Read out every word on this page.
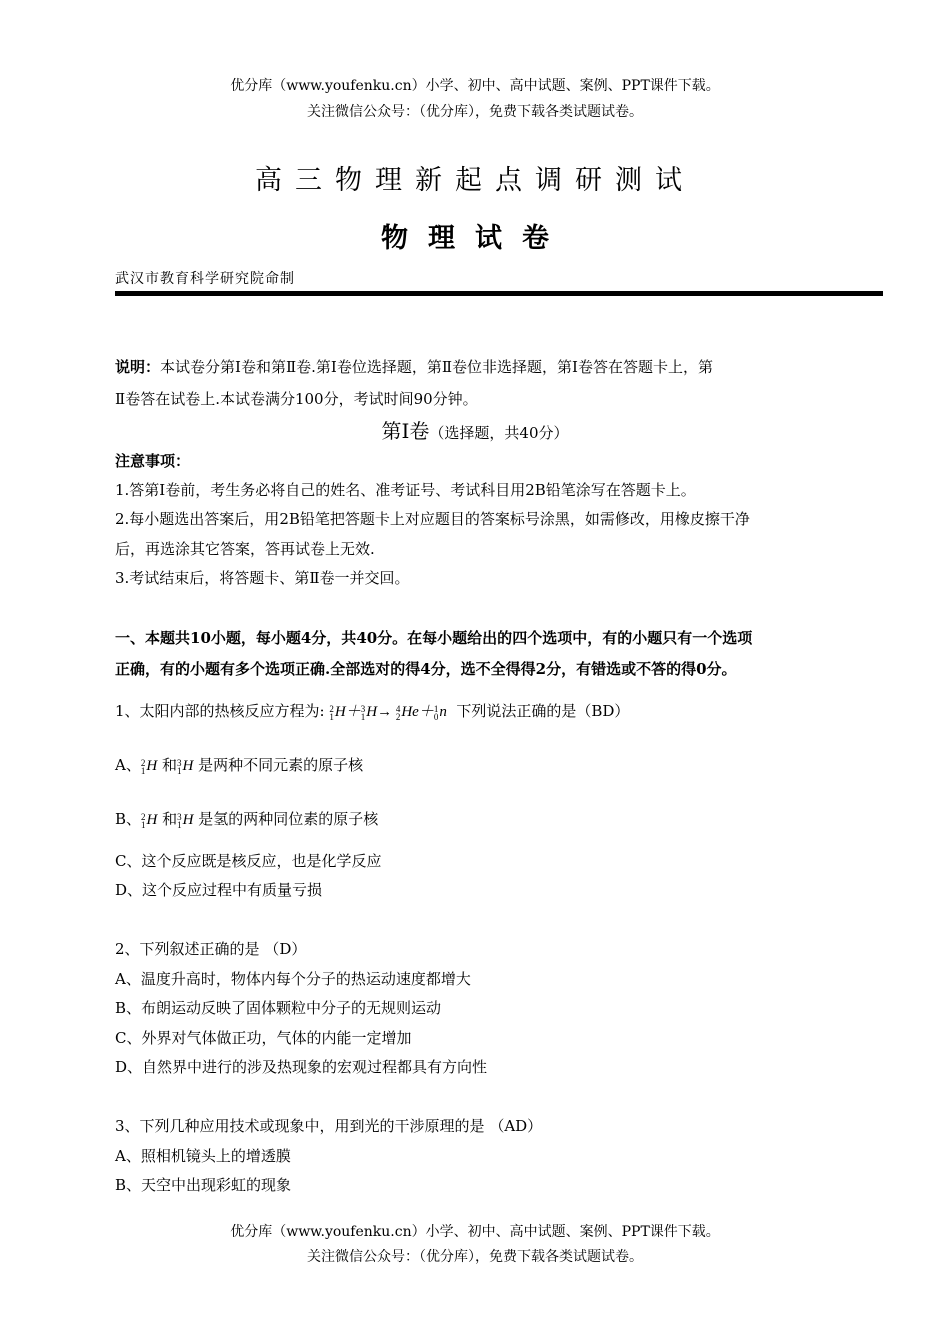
优分库（www.youfenku.cn）小学、初中、高中试题、案例、PPT课件下载。
关注微信公众号：（优分库），免费下载各类试题试卷。
高三物理新起点调研测试
物理试卷
武汉市教育科学研究院命制
说明：本试卷分第Ⅰ卷和第Ⅱ卷.第Ⅰ卷位选择题，第Ⅱ卷位非选择题，第Ⅰ卷答在答题卡上，第
Ⅱ卷答在试卷上.本试卷满分100分，考试时间90分钟。
第Ⅰ卷（选择题，共40分）
注意事项：
1.答第Ⅰ卷前，考生务必将自己的姓名、准考证号、考试科目用2B铅笔涂写在答题卡上。
2.每小题选出答案后，用2B铅笔把答题卡上对应题目的答案标号涂黑，如需修改，用橡皮擦干净
后，再选涂其它答案，答再试卷上无效.
3.考试结束后，将答题卡、第Ⅱ卷一并交回。
一、本题共10小题，每小题4分，共40分。在每小题给出的四个选项中，有的小题只有一个选项
正确，有的小题有多个选项正确.全部选对的得4分，选不全得得2分，有错选或不答的得0分。
1、太阳内部的热核反应方程为: 2
1H＋3
1H→ 4
2He＋1
0n 下列说法正确的是（BD）
A、2
1H 和3
1H 是两种不同元素的原子核
B、2
1H 和3
1H 是氢的两种同位素的原子核
C、这个反应既是核反应，也是化学反应
D、这个反应过程中有质量亏损
2、下列叙述正确的是 （D）
A、温度升高时，物体内每个分子的热运动速度都增大
B、布朗运动反映了固体颗粒中分子的无规则运动
C、外界对气体做正功，气体的内能一定增加
D、自然界中进行的涉及热现象的宏观过程都具有方向性
3、下列几种应用技术或现象中，用到光的干涉原理的是 （AD）
A、照相机镜头上的增透膜
B、天空中出现彩虹的现象
优分库（www.youfenku.cn）小学、初中、高中试题、案例、PPT课件下载。
关注微信公众号：（优分库），免费下载各类试题试卷。
